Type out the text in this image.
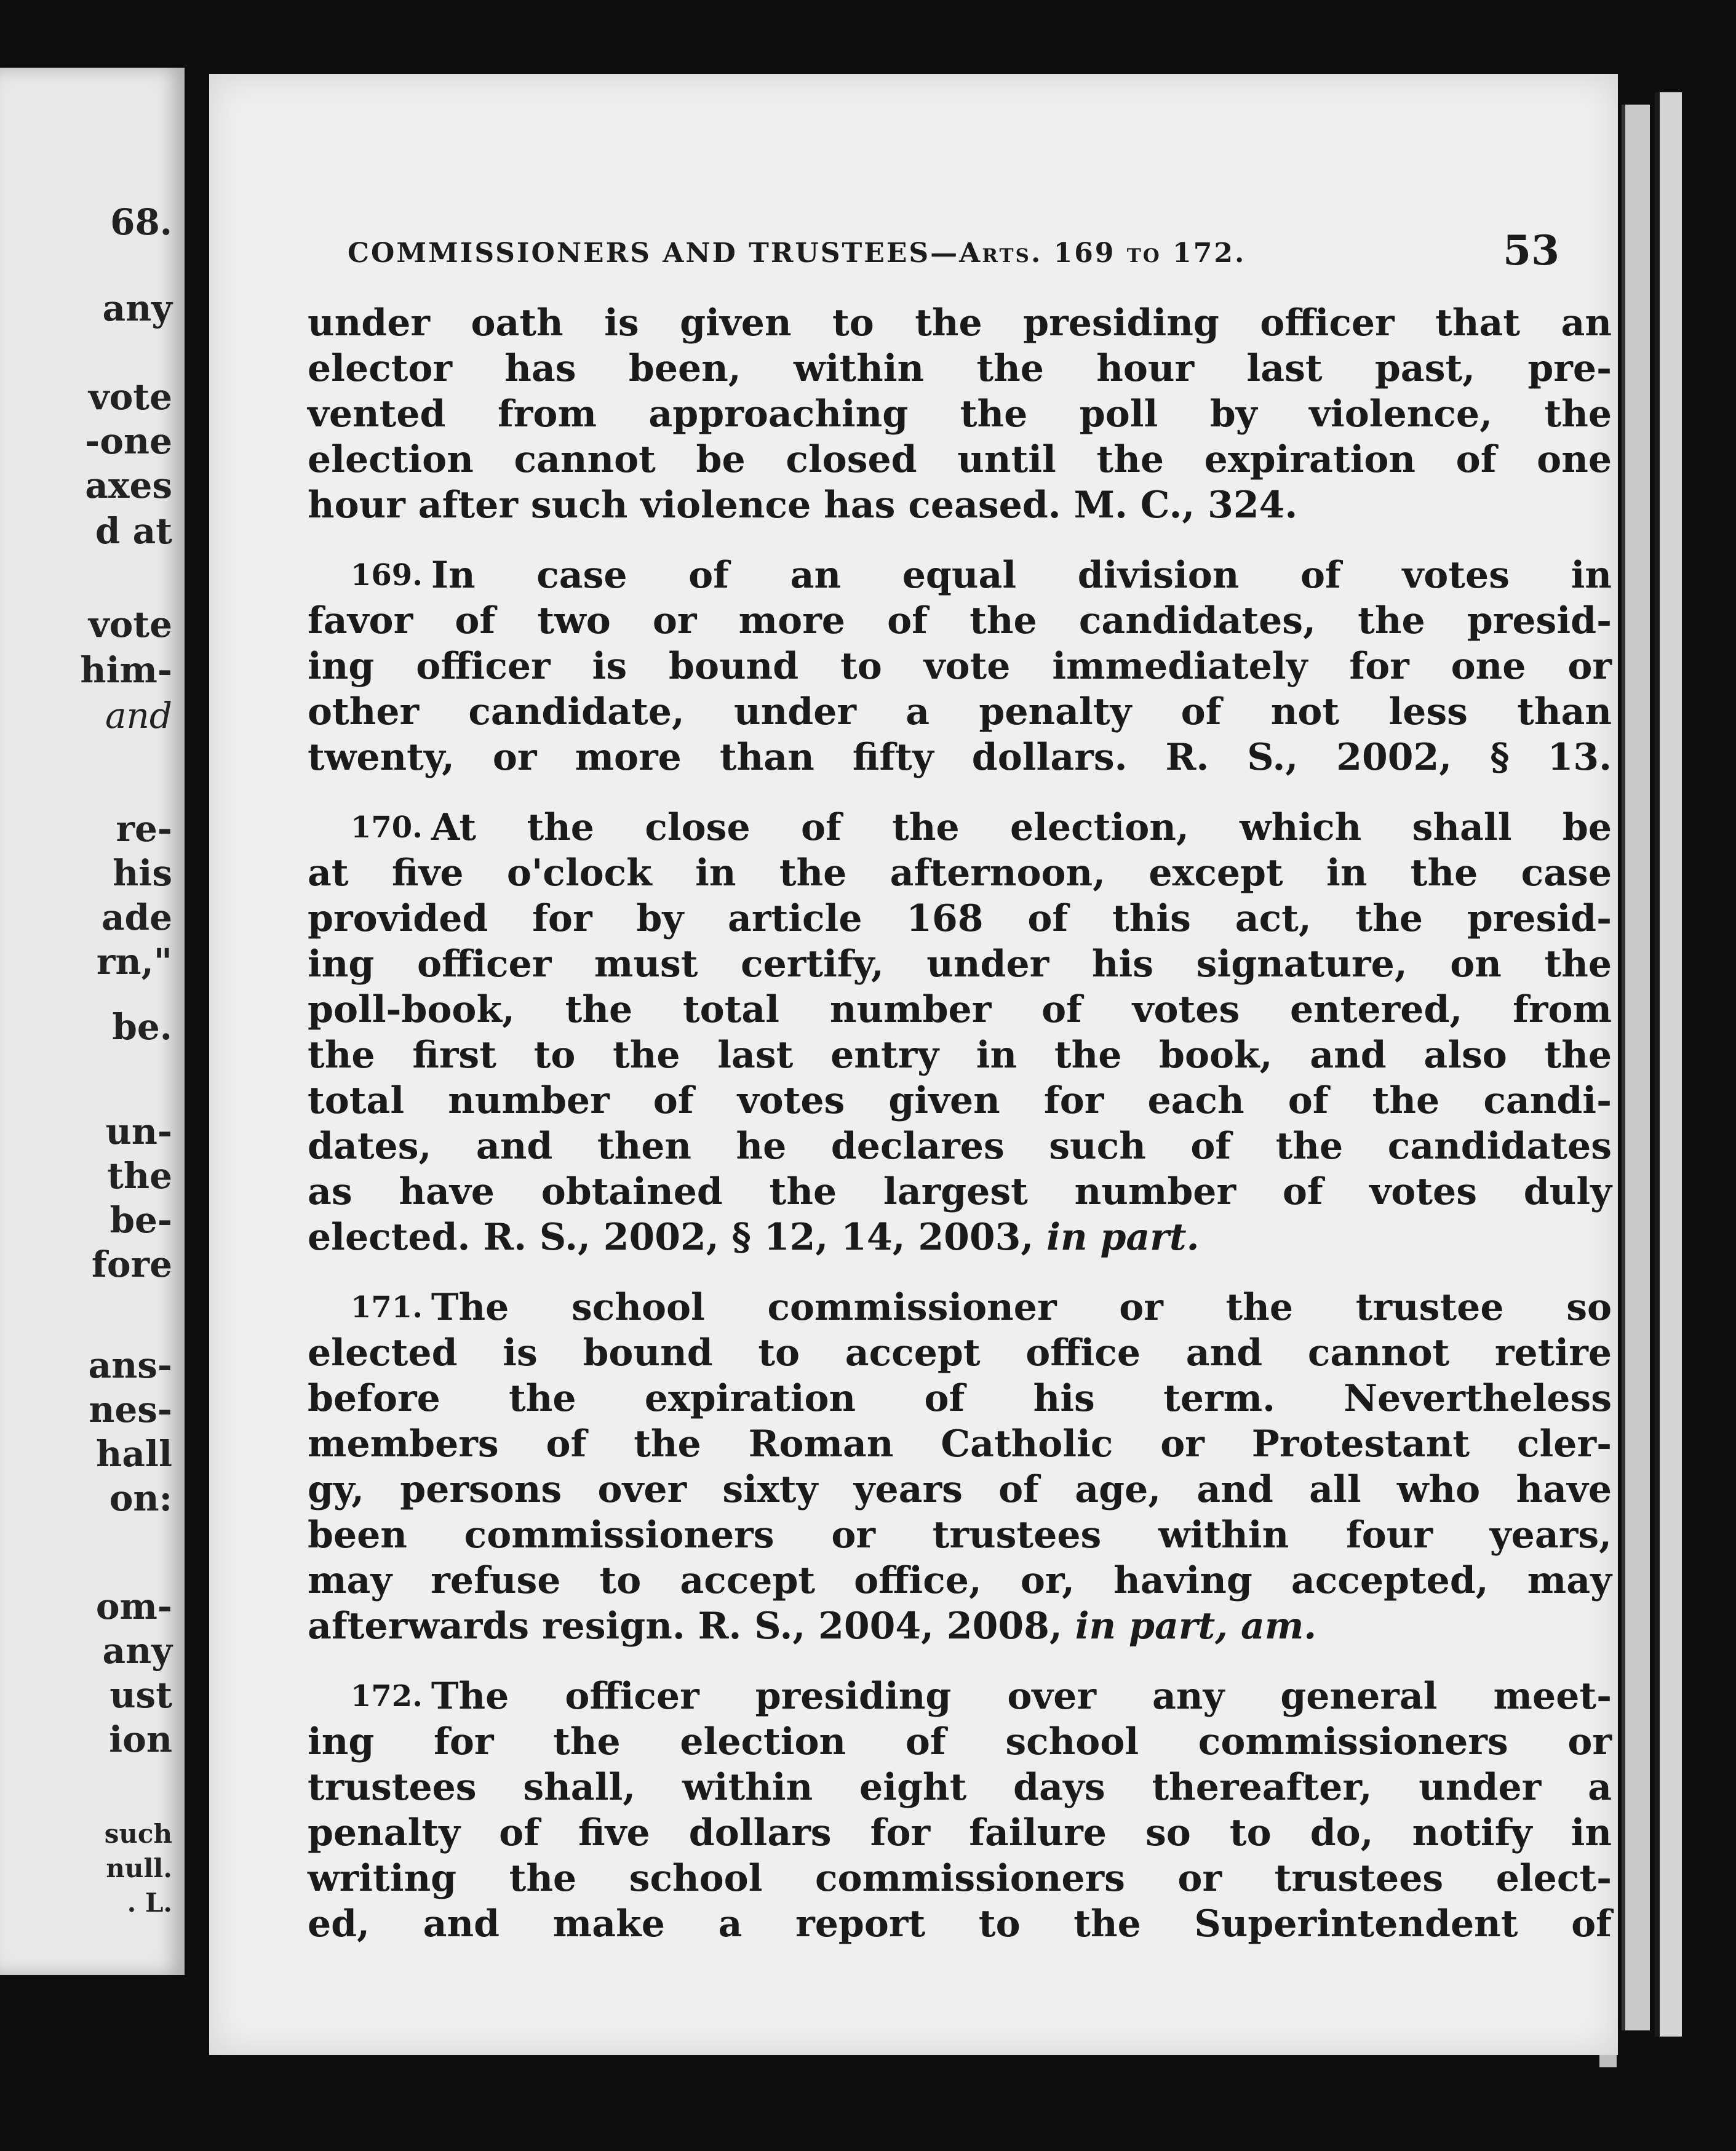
68.
any
vote
-one
axes
d at
vote
him-
and
re-
his
ade
rn,"
be.
un-
the
be-
fore
ans-
nes-
hall
on:
om-
any
ust
ion
such
null.
. L.
COMMISSIONERS AND TRUSTEES—Arts. 169 to 172.	53
under oath is given to the presiding officer that an
elector has been, within the hour last past, pre-
vented from approaching the poll by violence, the
election cannot be closed until the expiration of one
hour after such violence has ceased. M. C., 324.
169. In case of an equal division of votes in
favor of two or more of the candidates, the presid-
ing officer is bound to vote immediately for one or
other candidate, under a penalty of not less than
twenty, or more than fifty dollars. R. S., 2002, § 13.
170. At the close of the election, which shall be
at five o'clock in the afternoon, except in the case
provided for by article 168 of this act, the presid-
ing officer must certify, under his signature, on the
poll-book, the total number of votes entered, from
the first to the last entry in the book, and also the
total number of votes given for each of the candi-
dates, and then he declares such of the candidates
as have obtained the largest number of votes duly
elected. R. S., 2002, § 12, 14, 2003, in part.
171. The school commissioner or the trustee so
elected is bound to accept office and cannot retire
before the expiration of his term. Nevertheless
members of the Roman Catholic or Protestant cler-
gy, persons over sixty years of age, and all who have
been commissioners or trustees within four years,
may refuse to accept office, or, having accepted, may
afterwards resign. R. S., 2004, 2008, in part, am.
172. The officer presiding over any general meet-
ing for the election of school commissioners or
trustees shall, within eight days thereafter, under a
penalty of five dollars for failure so to do, notify in
writing the school commissioners or trustees elect-
ed, and make a report to the Superintendent of
